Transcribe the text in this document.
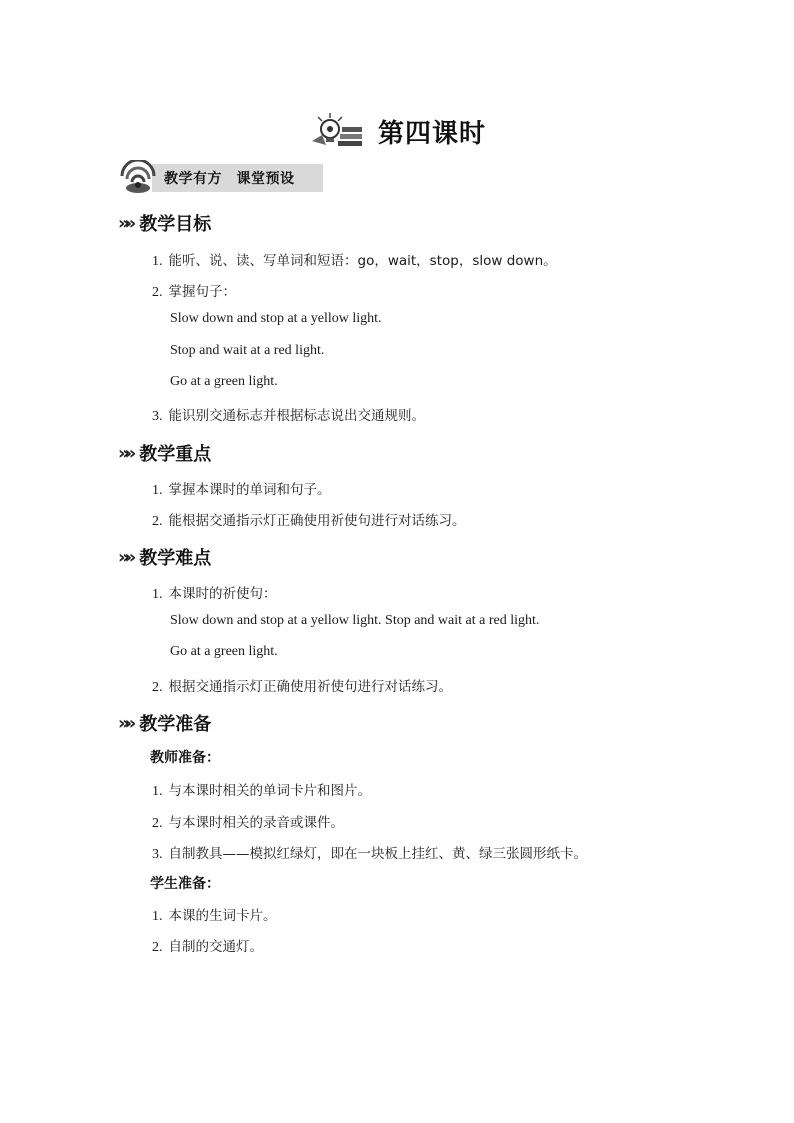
第四课时
教学有方　课堂预设
»» 教学目标
1. 能听、说、读、写单词和短语：go，wait，stop，slow down。
2. 掌握句子：
Slow down and stop at a yellow light.
Stop and wait at a red light.
Go at a green light.
3. 能识别交通标志并根据标志说出交通规则。
»» 教学重点
1. 掌握本课时的单词和句子。
2. 能根据交通指示灯正确使用祈使句进行对话练习。
»» 教学难点
1. 本课时的祈使句：
Slow down and stop at a yellow light. Stop and wait at a red light.
Go at a green light.
2. 根据交通指示灯正确使用祈使句进行对话练习。
»» 教学准备
教师准备：
1. 与本课时相关的单词卡片和图片。
2. 与本课时相关的录音或课件。
3. 自制教具——模拟红绿灯，即在一块板上挂红、黄、绿三张圆形纸卡。
学生准备：
1. 本课的生词卡片。
2. 自制的交通灯。
